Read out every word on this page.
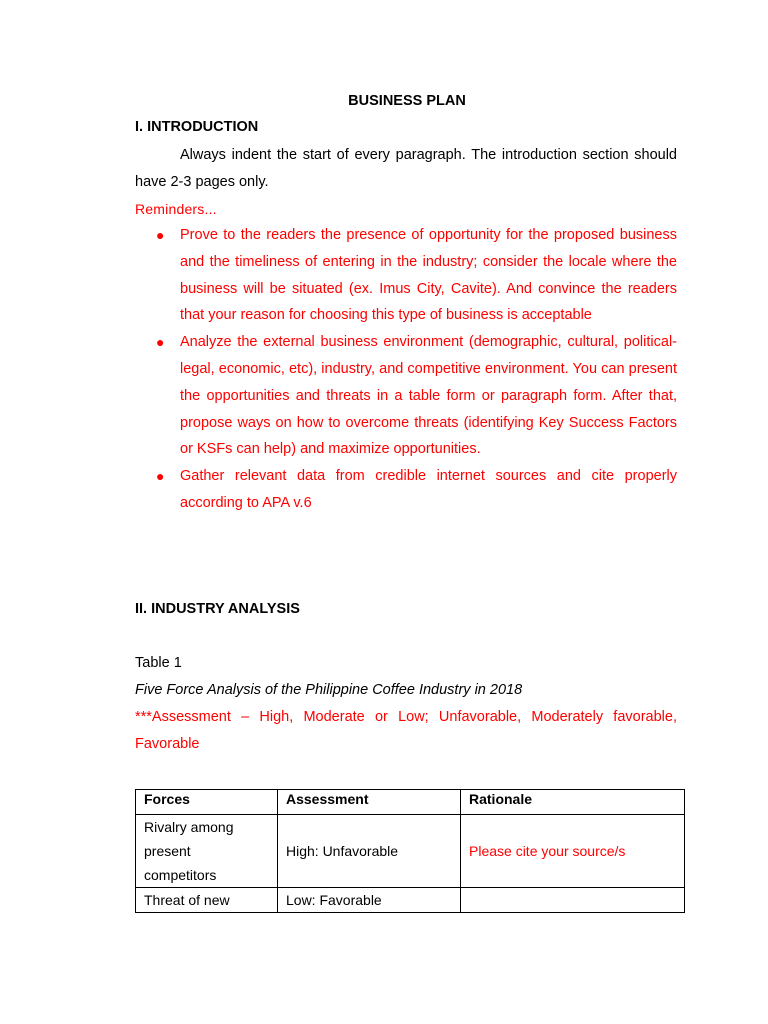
BUSINESS PLAN

I. INTRODUCTION

Always indent the start of every paragraph. The introduction section should have 2-3 pages only.

Reminders...

● Prove to the readers the presence of opportunity for the proposed business and the timeliness of entering in the industry; consider the locale where the business will be situated (ex. Imus City, Cavite). And convince the readers that your reason for choosing this type of business is acceptable
● Analyze the external business environment (demographic, cultural, political-legal, economic, etc), industry, and competitive environment. You can present the opportunities and threats in a table form or paragraph form. After that, propose ways on how to overcome threats (identifying Key Success Factors or KSFs can help) and maximize opportunities.
● Gather relevant data from credible internet sources and cite properly according to APA v.6

II. INDUSTRY ANALYSIS

Table 1

Five Force Analysis of the Philippine Coffee Industry in 2018

***Assessment – High, Moderate or Low; Unfavorable, Moderately favorable, Favorable

Forces	Assessment	Rationale

Rivalry among
present
competitors	High: Unfavorable	Please cite your source/s

Threat of new	Low: Favorable	
